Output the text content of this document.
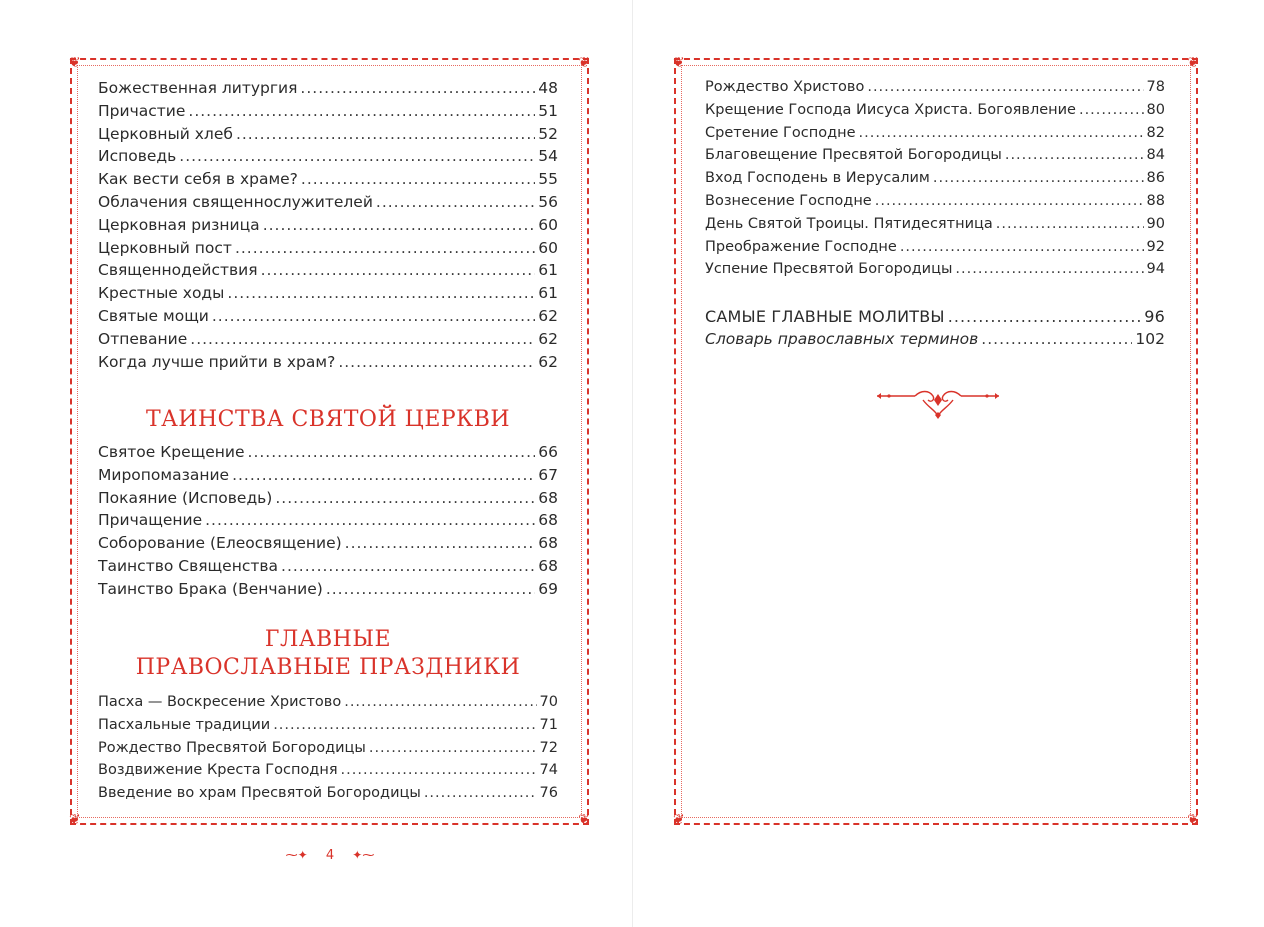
❦	❦
❦	❦
Божественная литургия .....	48
Причастие .....	51
Церковный хлеб .....	52
Исповедь .....	54
Как вести себя в храме? .....	55
Облачения священнослужителей .....	56
Церковная ризница .....	60
Церковный пост .....	60
Священнодействия .....	61
Крестные ходы .....	61
Святые мощи .....	62
Отпевание .....	62
Когда лучше прийти в храм? .....	62
ТАИНСТВА СВЯТОЙ ЦЕРКВИ
Святое Крещение .....	66
Миропомазание .....	67
Покаяние (Исповедь) .....	68
Причащение .....	68
Соборование (Елеосвящение) .....	68
Таинство Священства .....	68
Таинство Брака (Венчание) .....	69
ГЛАВНЫЕ
ПРАВОСЛАВНЫЕ ПРАЗДНИКИ
Пасха — Воскресение Христово .....	70
Пасхальные традиции .....	71
Рождество Пресвятой Богородицы .....	72
Воздвижение Креста Господня .....	74
Введение во храм Пресвятой Богородицы .....	76
⁓✦ 4 ✦⁓
❦	❦
❦	❦
Рождество Христово .....	78
Крещение Господа Иисуса Христа. Богоявление .....	80
Сретение Господне .....	82
Благовещение Пресвятой Богородицы .....	84
Вход Господень в Иерусалим .....	86
Вознесение Господне .....	88
День Святой Троицы. Пятидесятница .....	90
Преображение Господне .....	92
Успение Пресвятой Богородицы .....	94
САМЫЕ ГЛАВНЫЕ МОЛИТВЫ .....	96
Словарь православных терминов .....	102
